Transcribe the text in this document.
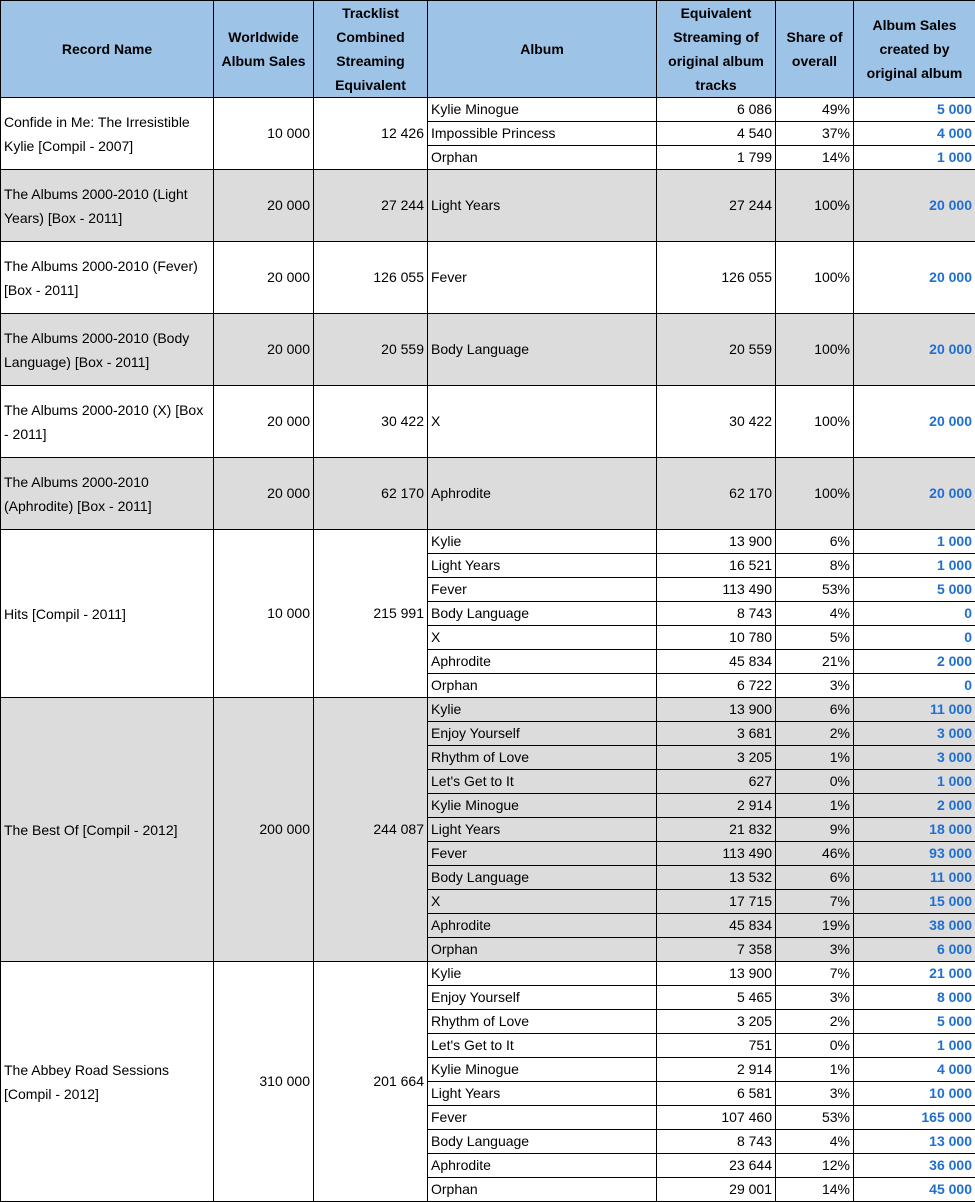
Record Name	Worldwide Album Sales	Tracklist Combined Streaming Equivalent	Album	Equivalent Streaming of original album tracks	Share of overall	Album Sales created by original album
Confide in Me: The Irresistible Kylie [Compil - 2007]	10 000	12 426	Kylie Minogue	6 086	49%	5 000
			Impossible Princess	4 540	37%	4 000
			Orphan	1 799	14%	1 000
The Albums 2000-2010 (Light Years) [Box - 2011]	20 000	27 244	Light Years	27 244	100%	20 000
The Albums 2000-2010 (Fever) [Box - 2011]	20 000	126 055	Fever	126 055	100%	20 000
The Albums 2000-2010 (Body Language) [Box - 2011]	20 000	20 559	Body Language	20 559	100%	20 000
The Albums 2000-2010 (X) [Box - 2011]	20 000	30 422	X	30 422	100%	20 000
The Albums 2000-2010 (Aphrodite) [Box - 2011]	20 000	62 170	Aphrodite	62 170	100%	20 000
Hits [Compil - 2011]	10 000	215 991	Kylie	13 900	6%	1 000
			Light Years	16 521	8%	1 000
			Fever	113 490	53%	5 000
			Body Language	8 743	4%	0
			X	10 780	5%	0
			Aphrodite	45 834	21%	2 000
			Orphan	6 722	3%	0
The Best Of [Compil - 2012]	200 000	244 087	Kylie	13 900	6%	11 000
			Enjoy Yourself	3 681	2%	3 000
			Rhythm of Love	3 205	1%	3 000
			Let's Get to It	627	0%	1 000
			Kylie Minogue	2 914	1%	2 000
			Light Years	21 832	9%	18 000
			Fever	113 490	46%	93 000
			Body Language	13 532	6%	11 000
			X	17 715	7%	15 000
			Aphrodite	45 834	19%	38 000
			Orphan	7 358	3%	6 000
The Abbey Road Sessions [Compil - 2012]	310 000	201 664	Kylie	13 900	7%	21 000
			Enjoy Yourself	5 465	3%	8 000
			Rhythm of Love	3 205	2%	5 000
			Let's Get to It	751	0%	1 000
			Kylie Minogue	2 914	1%	4 000
			Light Years	6 581	3%	10 000
			Fever	107 460	53%	165 000
			Body Language	8 743	4%	13 000
			Aphrodite	23 644	12%	36 000
			Orphan	29 001	14%	45 000
